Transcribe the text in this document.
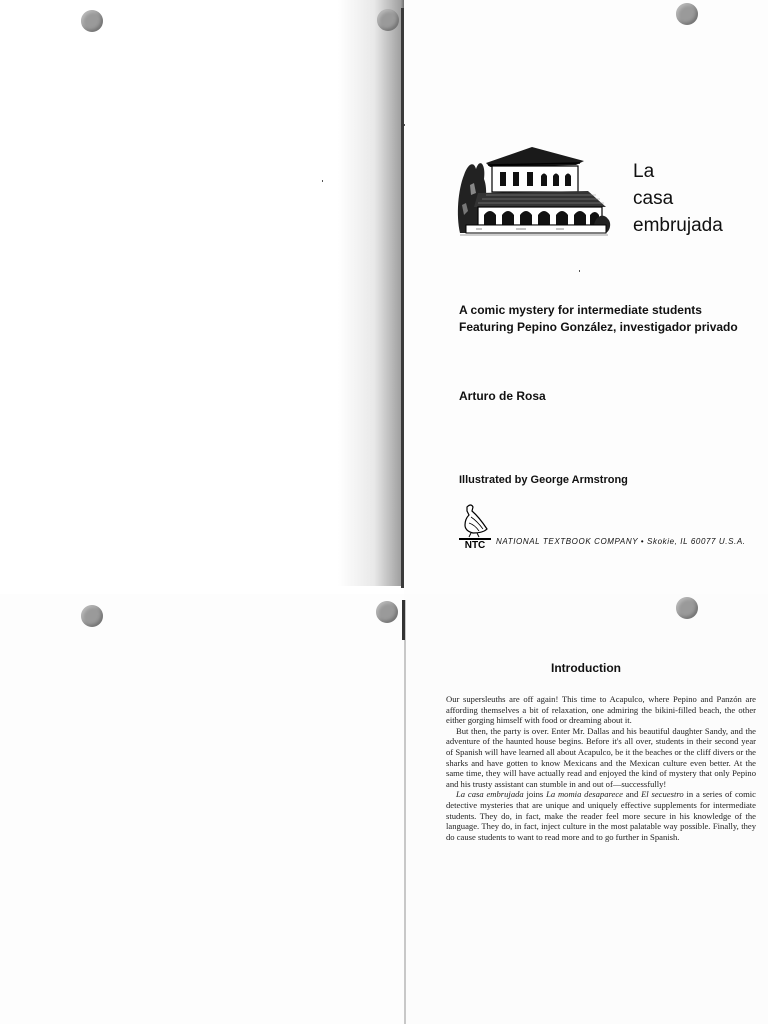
La
casa
embrujada
A comic mystery for intermediate students
Featuring Pepino González, investigador privado
Arturo de Rosa
Illustrated by George Armstrong
NTC NATIONAL TEXTBOOK COMPANY • Skokie, IL 60077 U.S.A.
Introduction

Our supersleuths are off again! This time to Acapulco, where Pepino and Panzón are affording themselves a bit of relaxation, one admiring the bikini-filled beach, the other either gorging himself with food or dreaming about it.

But then, the party is over. Enter Mr. Dallas and his beautiful daughter Sandy, and the adventure of the haunted house begins. Before it's all over, students in their second year of Spanish will have learned all about Acapulco, be it the beaches or the cliff divers or the sharks and have gotten to know Mexicans and the Mexican culture even better. At the same time, they will have actually read and enjoyed the kind of mystery that only Pepino and his trusty assistant can stumble in and out of—successfully!

La casa embrujada joins La momia desaparece and El secuestro in a series of comic detective mysteries that are unique and uniquely effective supplements for intermediate students. They do, in fact, make the reader feel more secure in his knowledge of the language. They do, in fact, inject culture in the most palatable way possible. Finally, they do cause students to want to read more and to go further in Spanish.
